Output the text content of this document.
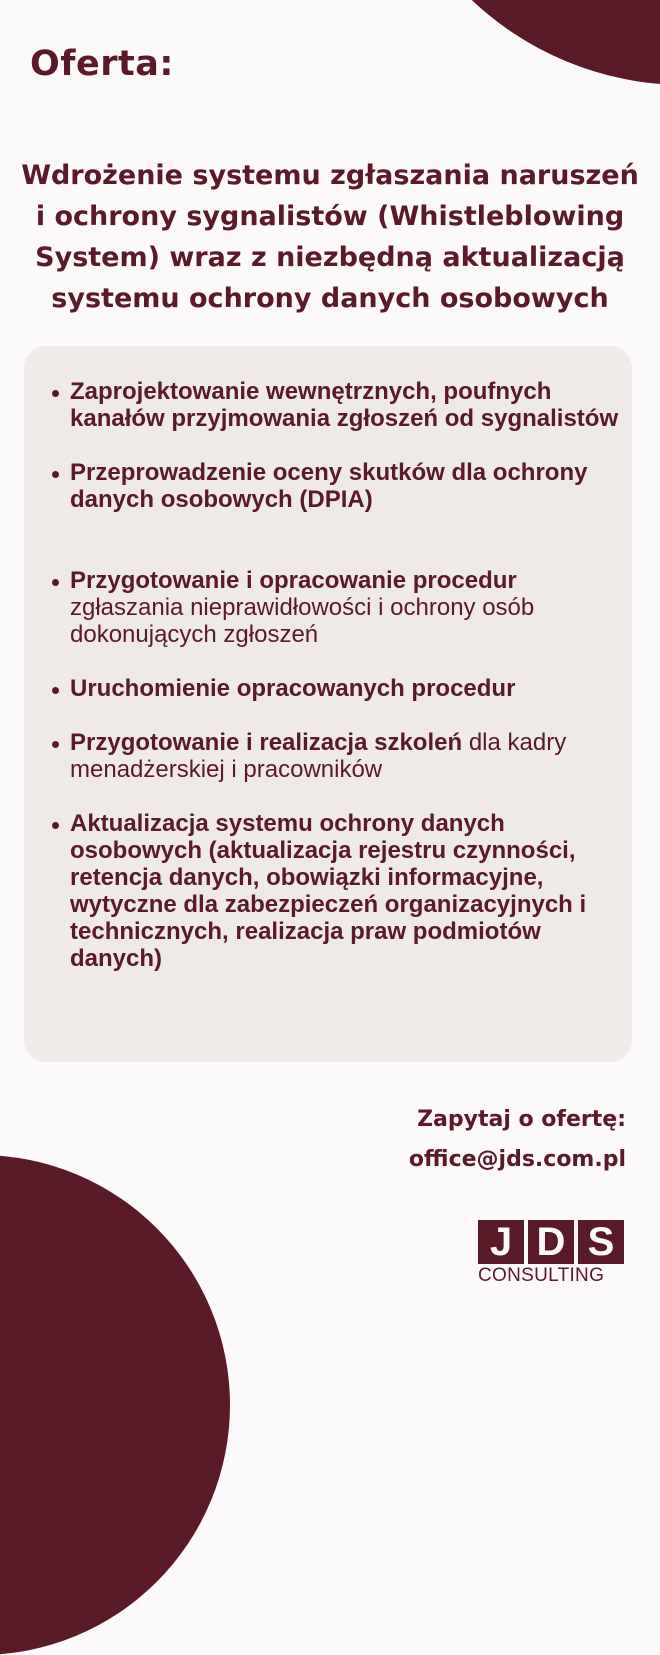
Oferta:
Wdrożenie systemu zgłaszania naruszeń
i ochrony sygnalistów (Whistleblowing
System) wraz z niezbędną aktualizacją
systemu ochrony danych osobowych
Zaprojektowanie wewnętrznych, poufnych kanałów przyjmowania zgłoszeń od sygnalistów
Przeprowadzenie oceny skutków dla ochrony danych osobowych (DPIA)
Przygotowanie i opracowanie procedur zgłaszania nieprawidłowości i ochrony osób dokonujących zgłoszeń
Uruchomienie opracowanych procedur
Przygotowanie i realizacja szkoleń dla kadry menadżerskiej i pracowników
Aktualizacja systemu ochrony danych osobowych (aktualizacja rejestru czynności, retencja danych, obowiązki informacyjne, wytyczne dla zabezpieczeń organizacyjnych i technicznych, realizacja praw podmiotów danych)
Zapytaj o ofertę:
office@jds.com.pl
J D S
CONSULTING
